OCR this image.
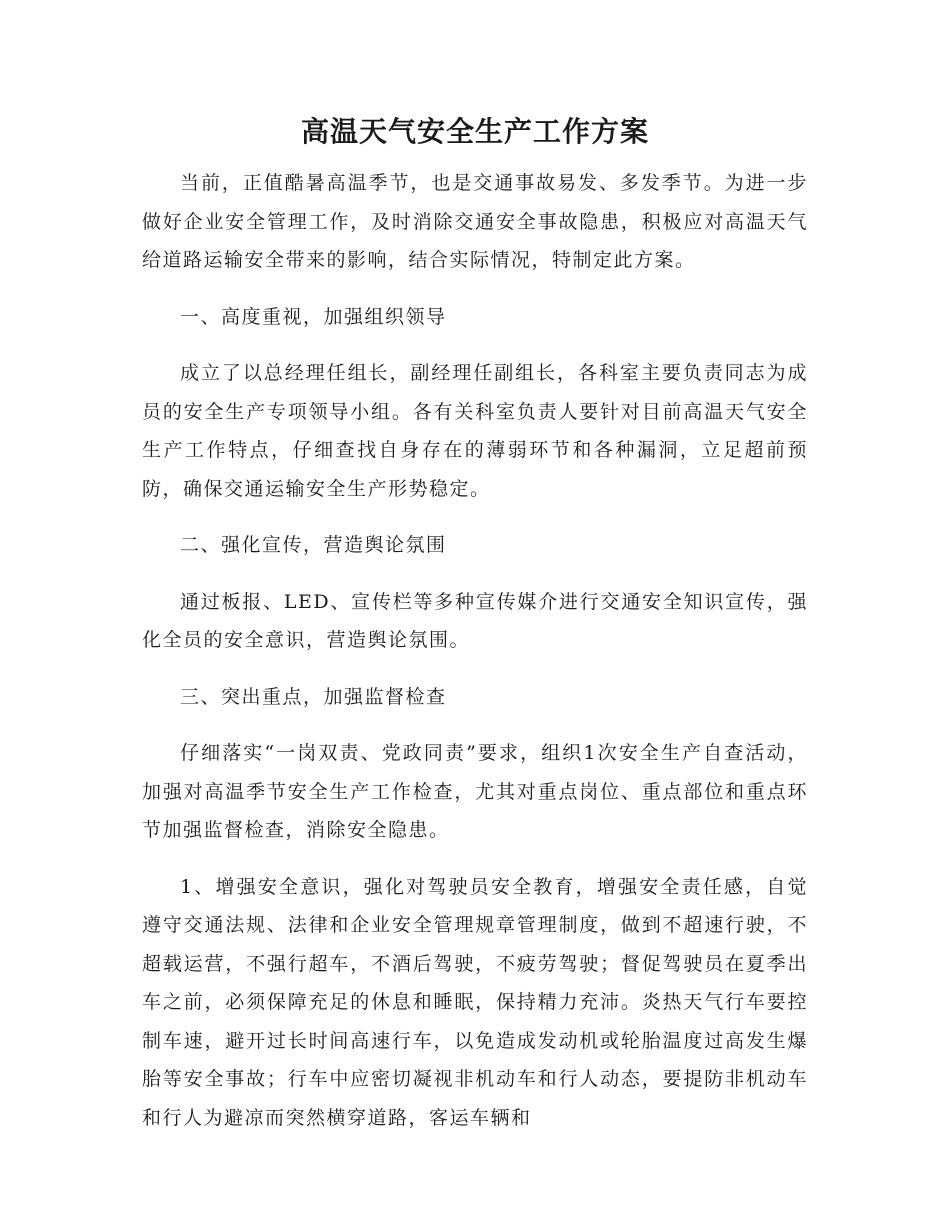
高温天气安全生产工作方案

当前，正值酷暑高温季节，也是交通事故易发、多发季节。为进一步做好企业安全管理工作，及时消除交通安全事故隐患，积极应对高温天气给道路运输安全带来的影响，结合实际情况，特制定此方案。

一、高度重视，加强组织领导

成立了以总经理任组长，副经理任副组长，各科室主要负责同志为成员的安全生产专项领导小组。各有关科室负责人要针对目前高温天气安全生产工作特点，仔细查找自身存在的薄弱环节和各种漏洞，立足超前预防，确保交通运输安全生产形势稳定。

二、强化宣传，营造舆论氛围

通过板报、LED、宣传栏等多种宣传媒介进行交通安全知识宣传，强化全员的安全意识，营造舆论氛围。

三、突出重点，加强监督检查

仔细落实“一岗双责、党政同责”要求，组织1次安全生产自查活动，加强对高温季节安全生产工作检查，尤其对重点岗位、重点部位和重点环节加强监督检查，消除安全隐患。

1、增强安全意识，强化对驾驶员安全教育，增强安全责任感，自觉遵守交通法规、法律和企业安全管理规章管理制度，做到不超速行驶，不超载运营，不强行超车，不酒后驾驶，不疲劳驾驶；督促驾驶员在夏季出车之前，必须保障充足的休息和睡眠，保持精力充沛。炎热天气行车要控制车速，避开过长时间高速行车，以免造成发动机或轮胎温度过高发生爆胎等安全事故；行车中应密切凝视非机动车和行人动态，要提防非机动车和行人为避凉而突然横穿道路，客运车辆和
